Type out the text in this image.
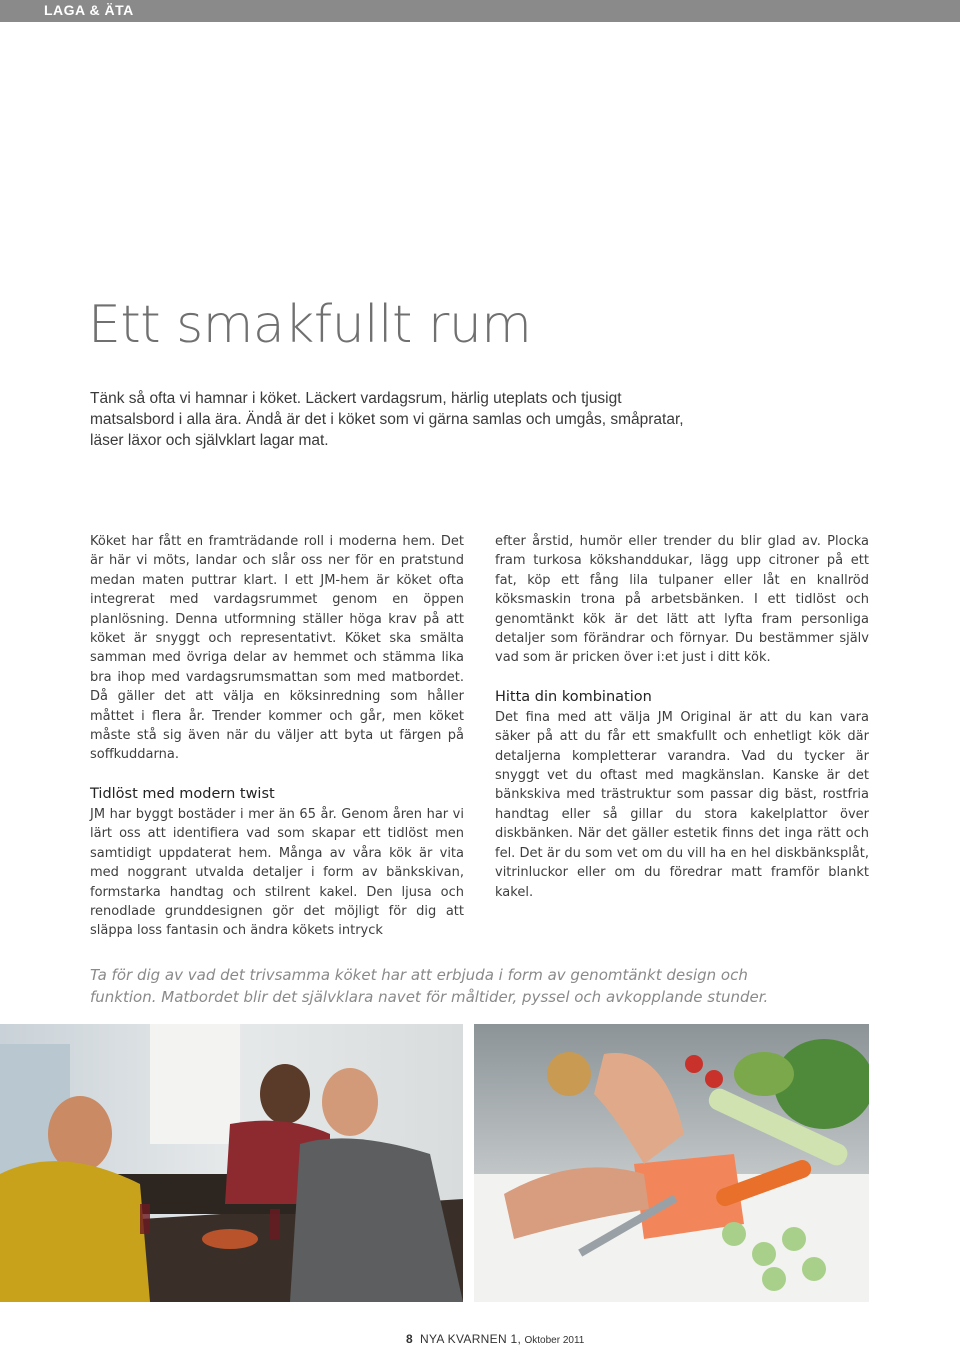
LAGA & ÄTA
Ett smakfullt rum

Tänk så ofta vi hamnar i köket. Läckert vardagsrum, härlig uteplats och tjusigt matsalsbord i alla ära. Ändå är det i köket som vi gärna samlas och umgås, småpratar, läser läxor och självklart lagar mat.

Köket har fått en framträdande roll i moderna hem. Det är här vi möts, landar och slår oss ner för en pratstund medan maten puttrar klart. I ett JM-hem är köket ofta integrerat med vardagsrummet genom en öppen planlösning. Denna utformning ställer höga krav på att köket är snyggt och representativt. Köket ska smälta samman med övriga delar av hemmet och stämma lika bra ihop med vardagsrumsmattan som med matbordet. Då gäller det att välja en köksinredning som håller måttet i flera år. Trender kommer och går, men köket måste stå sig även när du väljer att byta ut färgen på soffkuddarna.

Tidlöst med modern twist

JM har byggt bostäder i mer än 65 år. Genom åren har vi lärt oss att identifiera vad som skapar ett tidlöst men samtidigt uppdaterat hem. Många av våra kök är vita med noggrant utvalda detaljer i form av bänkskivan, formstarka handtag och stilrent kakel. Den ljusa och renodlade grunddesignen gör det möjligt för dig att släppa loss fantasin och ändra kökets intryck

efter årstid, humör eller trender du blir glad av. Plocka fram turkosa kökshanddukar, lägg upp citroner på ett fat, köp ett fång lila tulpaner eller låt en knallröd köksmaskin trona på arbetsbänken. I ett tidlöst och genomtänkt kök är det lätt att lyfta fram personliga detaljer som förändrar och förnyar. Du bestämmer själv vad som är pricken över i:et just i ditt kök.

Hitta din kombination

Det fina med att välja JM Original är att du kan vara säker på att du får ett smakfullt och enhetligt kök där detaljerna kompletterar varandra. Vad du tycker är snyggt vet du oftast med magkänslan. Kanske är det bänkskiva med trästruktur som passar dig bäst, rostfria handtag eller så gillar du stora kakelplattor över diskbänken. När det gäller estetik finns det inga rätt och fel. Det är du som vet om du vill ha en hel diskbänksplåt, vitrinluckor eller om du föredrar matt framför blankt kakel.

Ta för dig av vad det trivsamma köket har att erbjuda i form av genomtänkt design och funktion. Matbordet blir det självklara navet för måltider, pyssel och avkopplande stunder.

8 NYA KVARNEN 1, Oktober 2011
